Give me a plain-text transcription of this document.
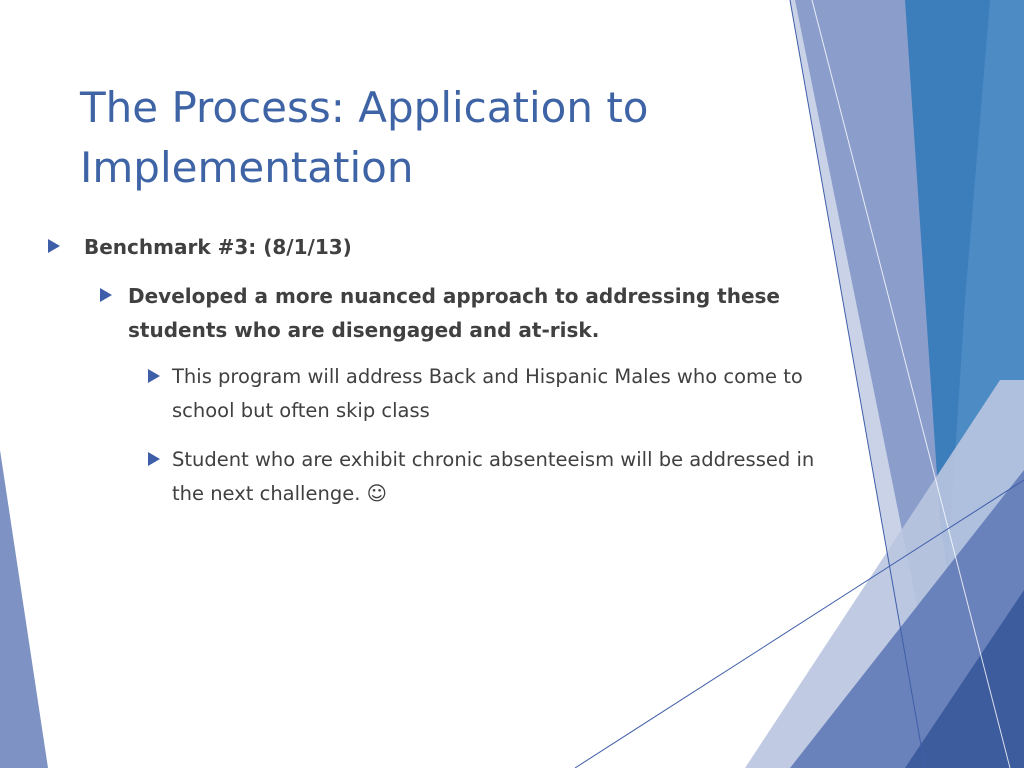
The Process: Application to Implementation
Benchmark #3: (8/1/13)
Developed a more nuanced approach to addressing these students who are disengaged and at-risk.
This program will address Back and Hispanic Males who come to school but often skip class
Student who are exhibit chronic absenteeism will be addressed in the next challenge. ☺
